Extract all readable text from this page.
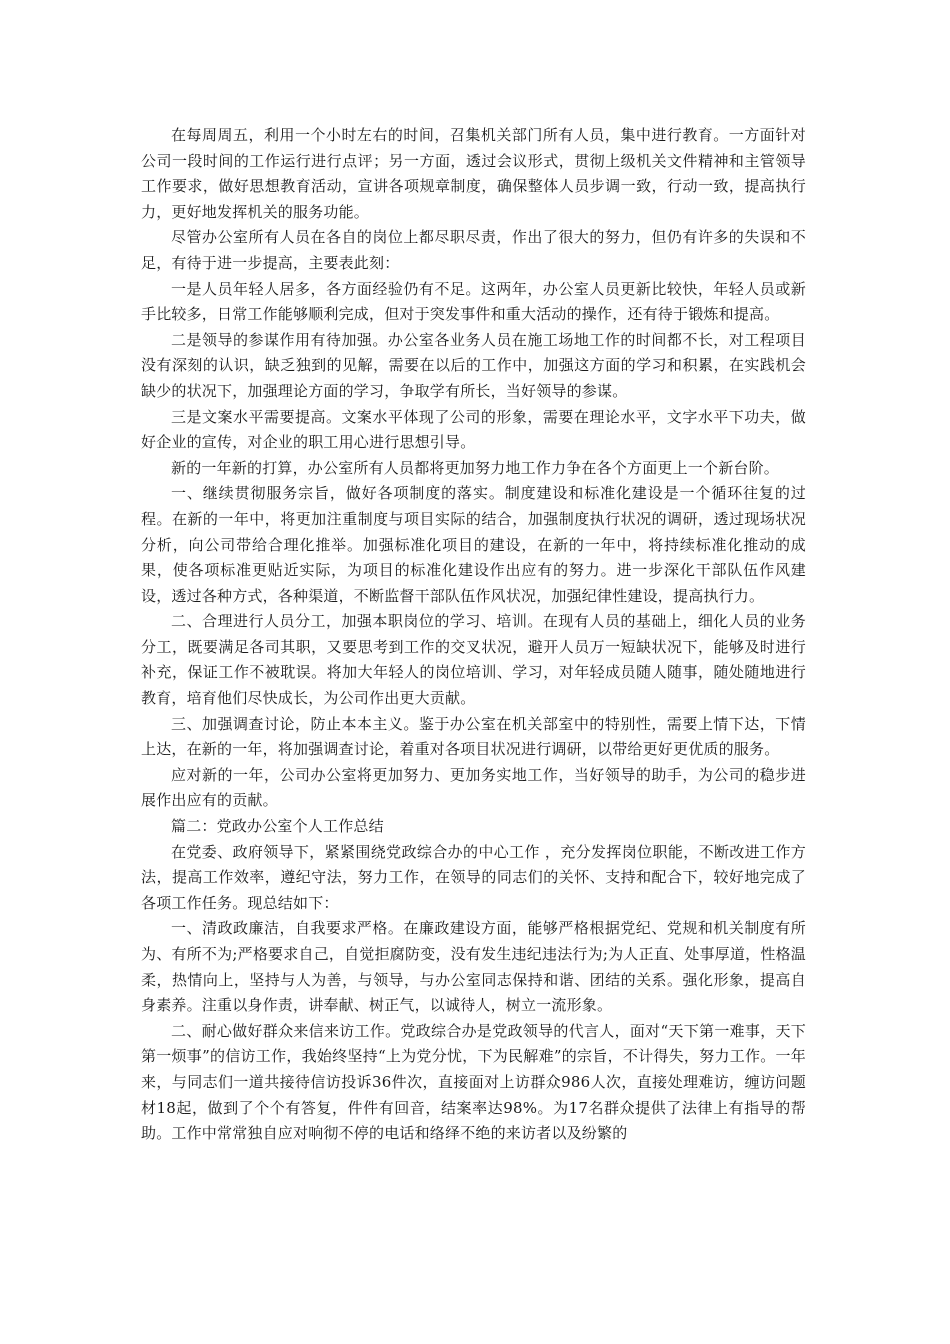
在每周周五，利用一个小时左右的时间，召集机关部门所有人员，集中进行教育。一方面针对公司一段时间的工作运行进行点评；另一方面，透过会议形式，贯彻上级机关文件精神和主管领导工作要求，做好思想教育活动，宣讲各项规章制度，确保整体人员步调一致，行动一致，提高执行力，更好地发挥机关的服务功能。

尽管办公室所有人员在各自的岗位上都尽职尽责，作出了很大的努力，但仍有许多的失误和不足，有待于进一步提高，主要表此刻：

一是人员年轻人居多，各方面经验仍有不足。这两年，办公室人员更新比较快，年轻人员或新手比较多，日常工作能够顺利完成，但对于突发事件和重大活动的操作，还有待于锻炼和提高。

二是领导的参谋作用有待加强。办公室各业务人员在施工场地工作的时间都不长，对工程项目没有深刻的认识，缺乏独到的见解，需要在以后的工作中，加强这方面的学习和积累，在实践机会缺少的状况下，加强理论方面的学习，争取学有所长，当好领导的参谋。

三是文案水平需要提高。文案水平体现了公司的形象，需要在理论水平，文字水平下功夫，做好企业的宣传，对企业的职工用心进行思想引导。

新的一年新的打算，办公室所有人员都将更加努力地工作力争在各个方面更上一个新台阶。

一、继续贯彻服务宗旨，做好各项制度的落实。制度建设和标准化建设是一个循环往复的过程。在新的一年中，将更加注重制度与项目实际的结合，加强制度执行状况的调研，透过现场状况分析，向公司带给合理化推举。加强标准化项目的建设，在新的一年中，将持续标准化推动的成果，使各项标准更贴近实际，为项目的标准化建设作出应有的努力。进一步深化干部队伍作风建设，透过各种方式，各种渠道，不断监督干部队伍作风状况，加强纪律性建设，提高执行力。

二、合理进行人员分工，加强本职岗位的学习、培训。在现有人员的基础上，细化人员的业务分工，既要满足各司其职，又要思考到工作的交叉状况，避开人员万一短缺状况下，能够及时进行补充，保证工作不被耽误。将加大年轻人的岗位培训、学习，对年轻成员随人随事，随处随地进行教育，培育他们尽快成长，为公司作出更大贡献。

三、加强调查讨论，防止本本主义。鉴于办公室在机关部室中的特别性，需要上情下达，下情上达，在新的一年，将加强调查讨论，着重对各项目状况进行调研，以带给更好更优质的服务。

应对新的一年，公司办公室将更加努力、更加务实地工作，当好领导的助手，为公司的稳步进展作出应有的贡献。

篇二：党政办公室个人工作总结

在党委、政府领导下，紧紧围绕党政综合办的中心工作 ，充分发挥岗位职能，不断改进工作方法，提高工作效率，遵纪守法，努力工作，在领导的同志们的关怀、支持和配合下，较好地完成了各项工作任务。现总结如下：

一、清政政廉洁，自我要求严格。在廉政建设方面，能够严格根据党纪、党规和机关制度有所为、有所不为;严格要求自己，自觉拒腐防变，没有发生违纪违法行为;为人正直、处事厚道，性格温柔，热情向上，坚持与人为善，与领导，与办公室同志保持和谐、团结的关系。强化形象，提高自身素养。注重以身作责，讲奉献、树正气，以诚待人，树立一流形象。

二、耐心做好群众来信来访工作。党政综合办是党政领导的代言人，面对“天下第一难事，天下第一烦事”的信访工作，我始终坚持“上为党分忧，下为民解难”的宗旨，不计得失，努力工作。一年来，与同志们一道共接待信访投诉36件次，直接面对上访群众986人次，直接处理难访，缠访问题材18起，做到了个个有答复，件件有回音，结案率达98%。为17名群众提供了法律上有指导的帮助。工作中常常独自应对响彻不停的电话和络绎不绝的来访者以及纷繁的
